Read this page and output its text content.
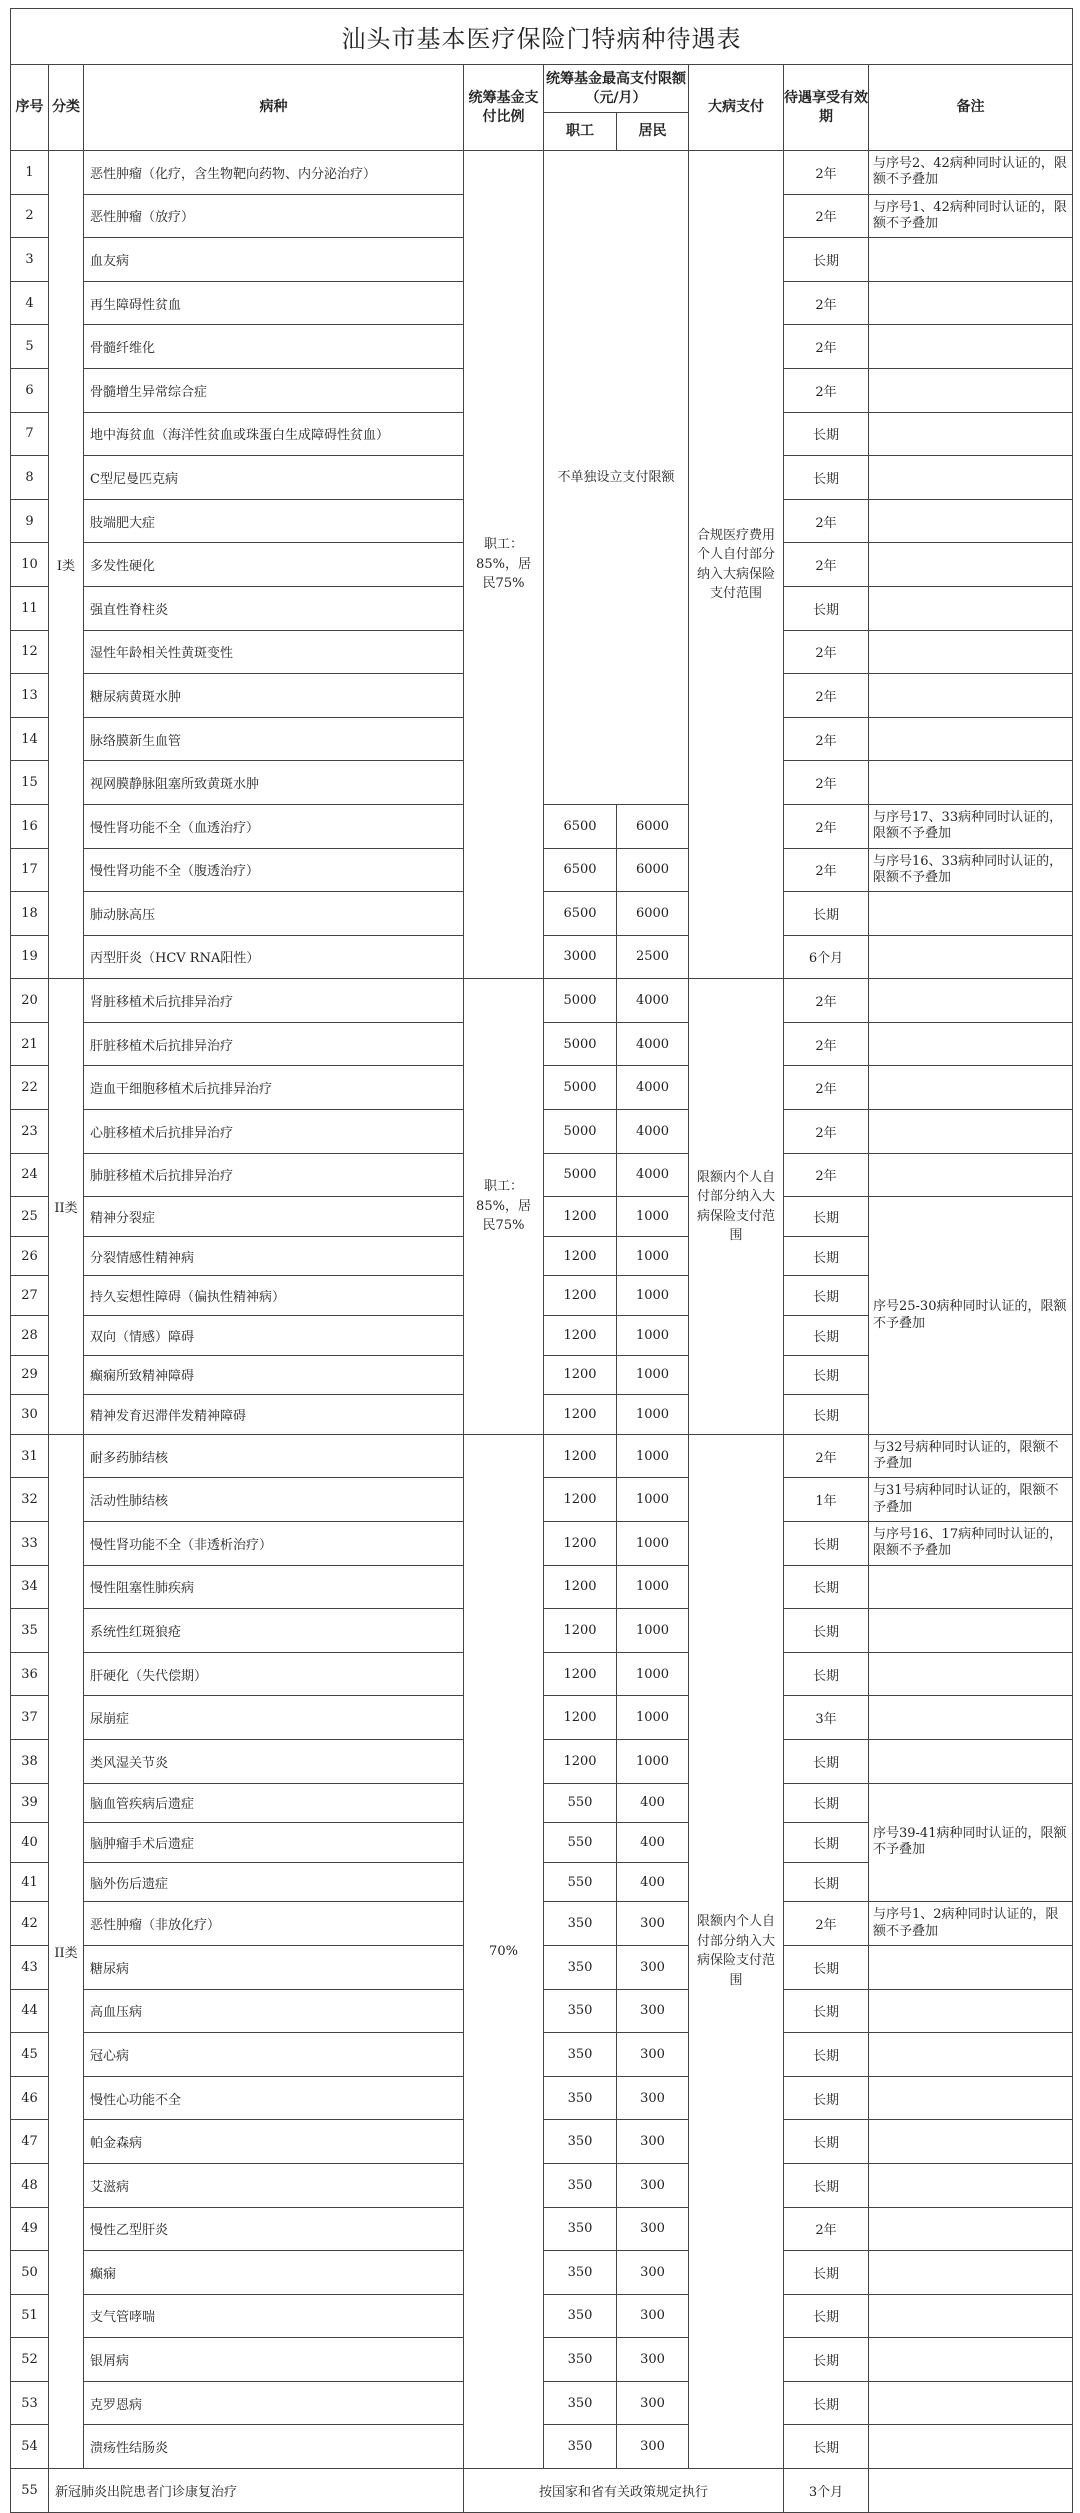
汕头市基本医疗保险门特病种待遇表								
序号	分类	病种	统筹基金支付比例	统筹基金最高支付限额（元/月）		大病支付	待遇享受有效期	备注
				职工	居民			
1	I类	恶性肿瘤（化疗，含生物靶向药物、内分泌治疗）	职工：85%，居民75%	不单独设立支付限额		合规医疗费用个人自付部分纳入大病保险支付范围	2年	与序号2、42病种同时认证的，限额不予叠加
2		恶性肿瘤（放疗）					2年	与序号1、42病种同时认证的，限额不予叠加
3		血友病					长期	
4		再生障碍性贫血					2年	
5		骨髓纤维化					2年	
6		骨髓增生异常综合症					2年	
7		地中海贫血（海洋性贫血或珠蛋白生成障碍性贫血）					长期	
8		C型尼曼匹克病					长期	
9		肢端肥大症					2年	
10		多发性硬化					2年	
11		强直性脊柱炎					长期	
12		湿性年龄相关性黄斑变性					2年	
13		糖尿病黄斑水肿					2年	
14		脉络膜新生血管					2年	
15		视网膜静脉阻塞所致黄斑水肿					2年	
16		慢性肾功能不全（血透治疗）		6500	6000		2年	与序号17、33病种同时认证的，限额不予叠加
17		慢性肾功能不全（腹透治疗）		6500	6000		2年	与序号16、33病种同时认证的，限额不予叠加
18		肺动脉高压		6500	6000		长期	
19		丙型肝炎（HCV RNA阳性）		3000	2500		6个月	
20	II类	肾脏移植术后抗排异治疗	职工：85%，居民75%	5000	4000	限额内个人自付部分纳入大病保险支付范围	2年	
21		肝脏移植术后抗排异治疗		5000	4000		2年	
22		造血干细胞移植术后抗排异治疗		5000	4000		2年	
23		心脏移植术后抗排异治疗		5000	4000		2年	
24		肺脏移植术后抗排异治疗		5000	4000		2年	
25		精神分裂症		1200	1000		长期	序号25-30病种同时认证的，限额不予叠加
26		分裂情感性精神病		1200	1000		长期	
27		持久妄想性障碍（偏执性精神病）		1200	1000		长期	
28		双向（情感）障碍		1200	1000		长期	
29		癫痫所致精神障碍		1200	1000		长期	
30		精神发育迟滞伴发精神障碍		1200	1000		长期	
31	II类	耐多药肺结核	70%	1200	1000	限额内个人自付部分纳入大病保险支付范围	2年	与32号病种同时认证的，限额不予叠加
32		活动性肺结核		1200	1000		1年	与31号病种同时认证的，限额不予叠加
33		慢性肾功能不全（非透析治疗）		1200	1000		长期	与序号16、17病种同时认证的，限额不予叠加
34		慢性阻塞性肺疾病		1200	1000		长期	
35		系统性红斑狼疮		1200	1000		长期	
36		肝硬化（失代偿期）		1200	1000		长期	
37		尿崩症		1200	1000		3年	
38		类风湿关节炎		1200	1000		长期	
39		脑血管疾病后遗症		550	400		长期	序号39-41病种同时认证的，限额不予叠加
40		脑肿瘤手术后遗症		550	400		长期	
41		脑外伤后遗症		550	400		长期	
42		恶性肿瘤（非放化疗）		350	300		2年	与序号1、2病种同时认证的，限额不予叠加
43		糖尿病		350	300		长期	
44		高血压病		350	300		长期	
45		冠心病		350	300		长期	
46		慢性心功能不全		350	300		长期	
47		帕金森病		350	300		长期	
48		艾滋病		350	300		长期	
49		慢性乙型肝炎		350	300		2年	
50		癫痫		350	300		长期	
51		支气管哮喘		350	300		长期	
52		银屑病		350	300		长期	
53		克罗恩病		350	300		长期	
54		溃疡性结肠炎		350	300		长期	
55	新冠肺炎出院患者门诊康复治疗		按国家和省有关政策规定执行				3个月	
